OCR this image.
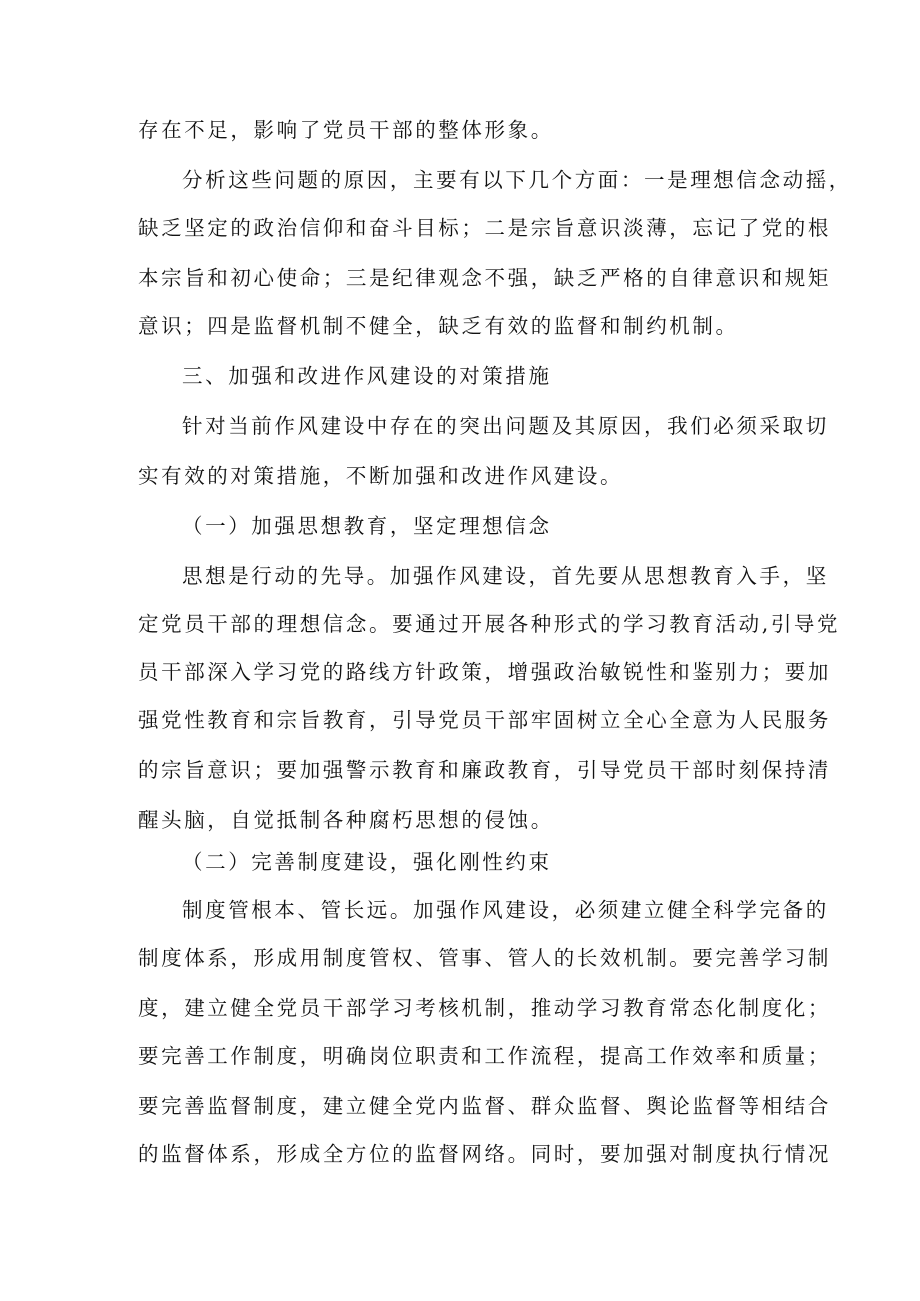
存在不足，影响了党员干部的整体形象。

分析这些问题的原因，主要有以下几个方面：一是理想信念动摇，

缺乏坚定的政治信仰和奋斗目标；二是宗旨意识淡薄，忘记了党的根

本宗旨和初心使命；三是纪律观念不强，缺乏严格的自律意识和规矩

意识；四是监督机制不健全，缺乏有效的监督和制约机制。

三、加强和改进作风建设的对策措施

针对当前作风建设中存在的突出问题及其原因，我们必须采取切

实有效的对策措施，不断加强和改进作风建设。

（一）加强思想教育，坚定理想信念

思想是行动的先导。加强作风建设，首先要从思想教育入手，坚

定党员干部的理想信念。要通过开展各种形式的学习教育活动,引导党

员干部深入学习党的路线方针政策，增强政治敏锐性和鉴别力；要加

强党性教育和宗旨教育，引导党员干部牢固树立全心全意为人民服务

的宗旨意识；要加强警示教育和廉政教育，引导党员干部时刻保持清

醒头脑，自觉抵制各种腐朽思想的侵蚀。

（二）完善制度建设，强化刚性约束

制度管根本、管长远。加强作风建设，必须建立健全科学完备的

制度体系，形成用制度管权、管事、管人的长效机制。要完善学习制

度，建立健全党员干部学习考核机制，推动学习教育常态化制度化；

要完善工作制度，明确岗位职责和工作流程，提高工作效率和质量；

要完善监督制度，建立健全党内监督、群众监督、舆论监督等相结合

的监督体系，形成全方位的监督网络。同时，要加强对制度执行情况
